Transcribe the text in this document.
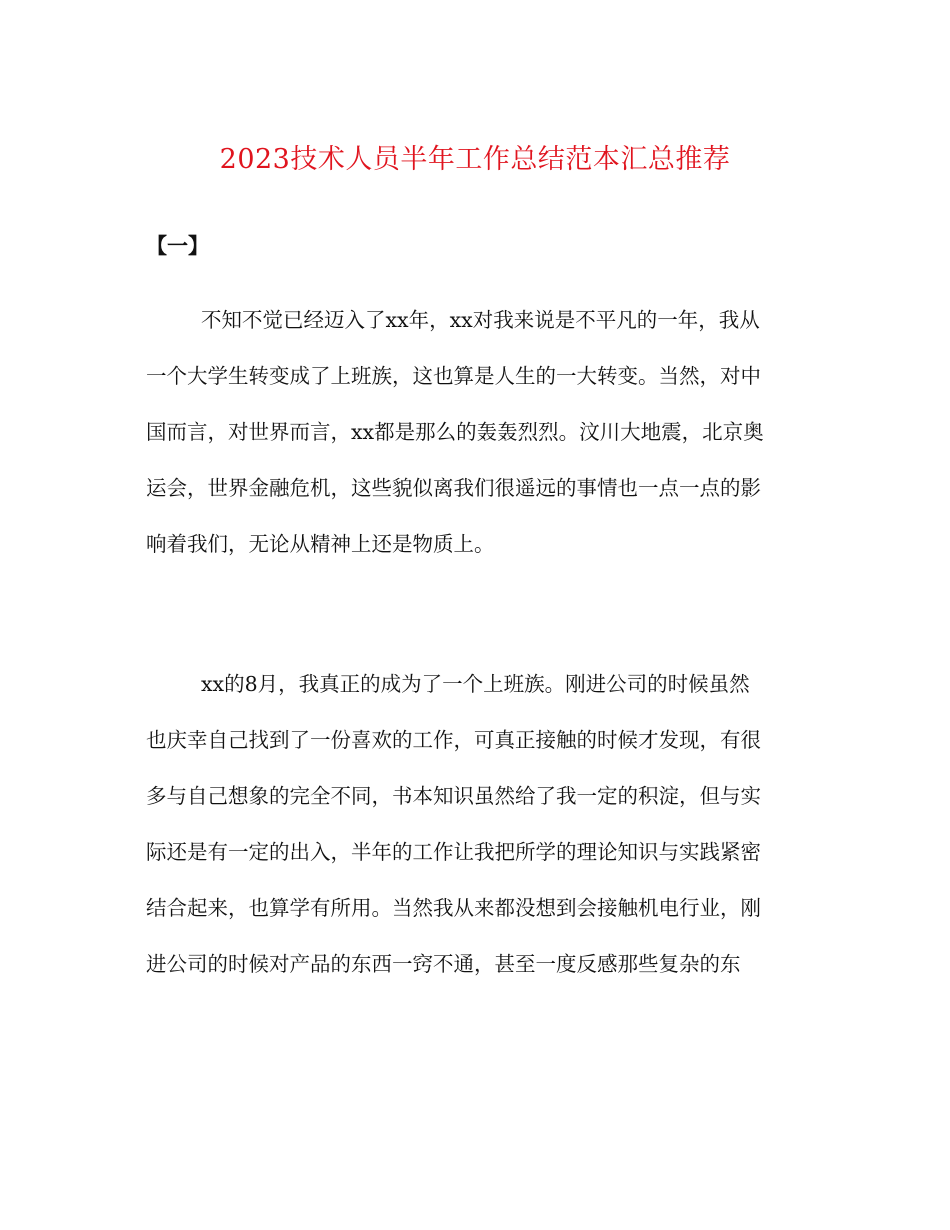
2023技术人员半年工作总结范本汇总推荐
【一】
不知不觉已经迈入了xx年，xx对我来说是不平凡的一年，我从
一个大学生转变成了上班族，这也算是人生的一大转变。当然，对中
国而言，对世界而言，xx都是那么的轰轰烈烈。汶川大地震，北京奥
运会，世界金融危机，这些貌似离我们很遥远的事情也一点一点的影
响着我们，无论从精神上还是物质上。
xx的8月，我真正的成为了一个上班族。刚进公司的时候虽然
也庆幸自己找到了一份喜欢的工作，可真正接触的时候才发现，有很
多与自己想象的完全不同，书本知识虽然给了我一定的积淀，但与实
际还是有一定的出入，半年的工作让我把所学的理论知识与实践紧密
结合起来，也算学有所用。当然我从来都没想到会接触机电行业，刚
进公司的时候对产品的东西一窍不通，甚至一度反感那些复杂的东
